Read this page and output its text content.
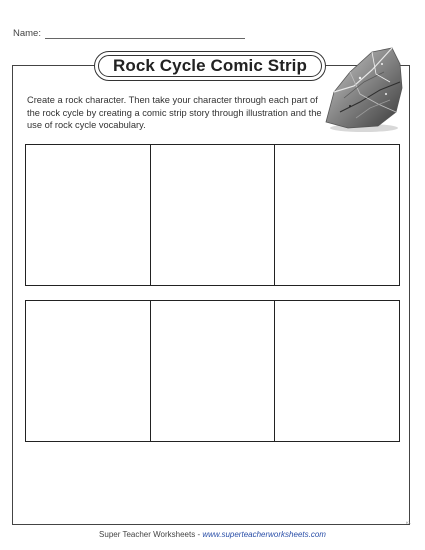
Name:
Rock Cycle Comic Strip
Create a rock character. Then take your character through each part of the rock cycle by creating a comic strip story through illustration and the use of rock cycle vocabulary.
KL
Super Teacher Worksheets - www.superteacherworksheets.com
